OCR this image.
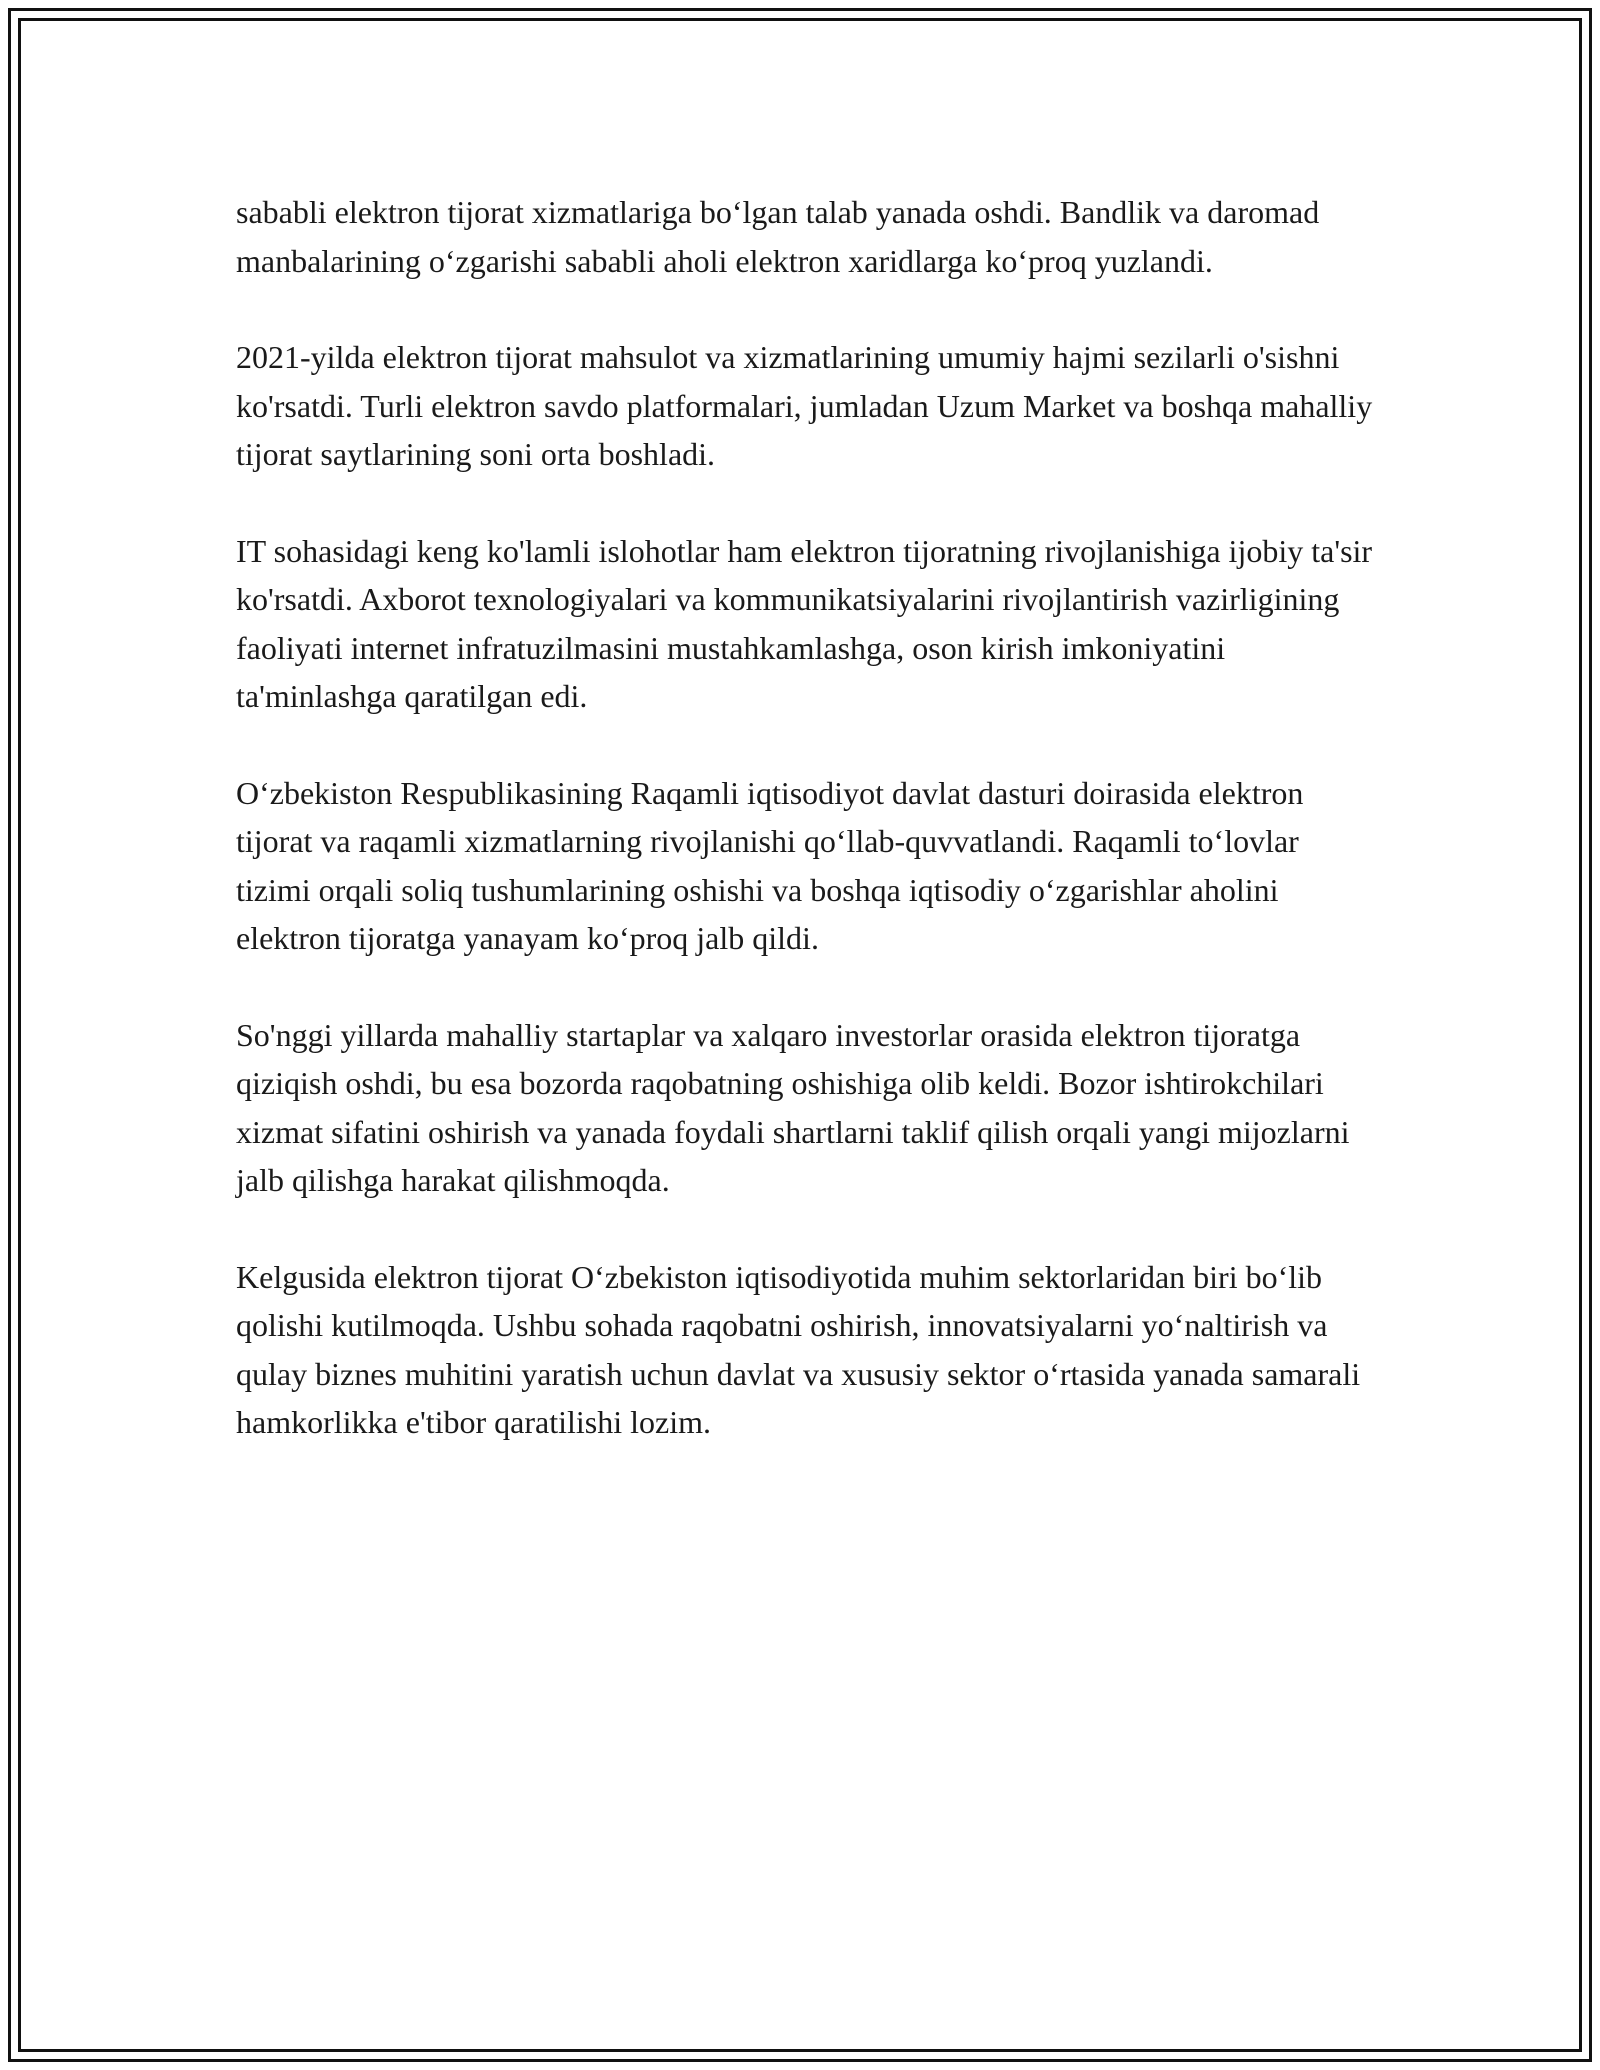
sababli elektron tijorat xizmatlariga bo‘lgan talab yanada oshdi. Bandlik va daromad manbalarining o‘zgarishi sababli aholi elektron xaridlarga ko‘proq yuzlandi.

2021-yilda elektron tijorat mahsulot va xizmatlarining umumiy hajmi sezilarli o'sishni ko'rsatdi. Turli elektron savdo platformalari, jumladan Uzum Market va boshqa mahalliy tijorat saytlarining soni orta boshladi.

IT sohasidagi keng ko'lamli islohotlar ham elektron tijoratning rivojlanishiga ijobiy ta'sir ko'rsatdi. Axborot texnologiyalari va kommunikatsiyalarini rivojlantirish vazirligining faoliyati internet infratuzilmasini mustahkamlashga, oson kirish imkoniyatini ta'minlashga qaratilgan edi.

O‘zbekiston Respublikasining Raqamli iqtisodiyot davlat dasturi doirasida elektron tijorat va raqamli xizmatlarning rivojlanishi qo‘llab-quvvatlandi. Raqamli to‘lovlar tizimi orqali soliq tushumlarining oshishi va boshqa iqtisodiy o‘zgarishlar aholini elektron tijoratga yanayam ko‘proq jalb qildi.

So'nggi yillarda mahalliy startaplar va xalqaro investorlar orasida elektron tijoratga qiziqish oshdi, bu esa bozorda raqobatning oshishiga olib keldi. Bozor ishtirokchilari xizmat sifatini oshirish va yanada foydali shartlarni taklif qilish orqali yangi mijozlarni jalb qilishga harakat qilishmoqda.

Kelgusida elektron tijorat O‘zbekiston iqtisodiyotida muhim sektorlaridan biri bo‘lib qolishi kutilmoqda. Ushbu sohada raqobatni oshirish, innovatsiyalarni yo‘naltirish va qulay biznes muhitini yaratish uchun davlat va xususiy sektor o‘rtasida yanada samarali hamkorlikka e'tibor qaratilishi lozim.
